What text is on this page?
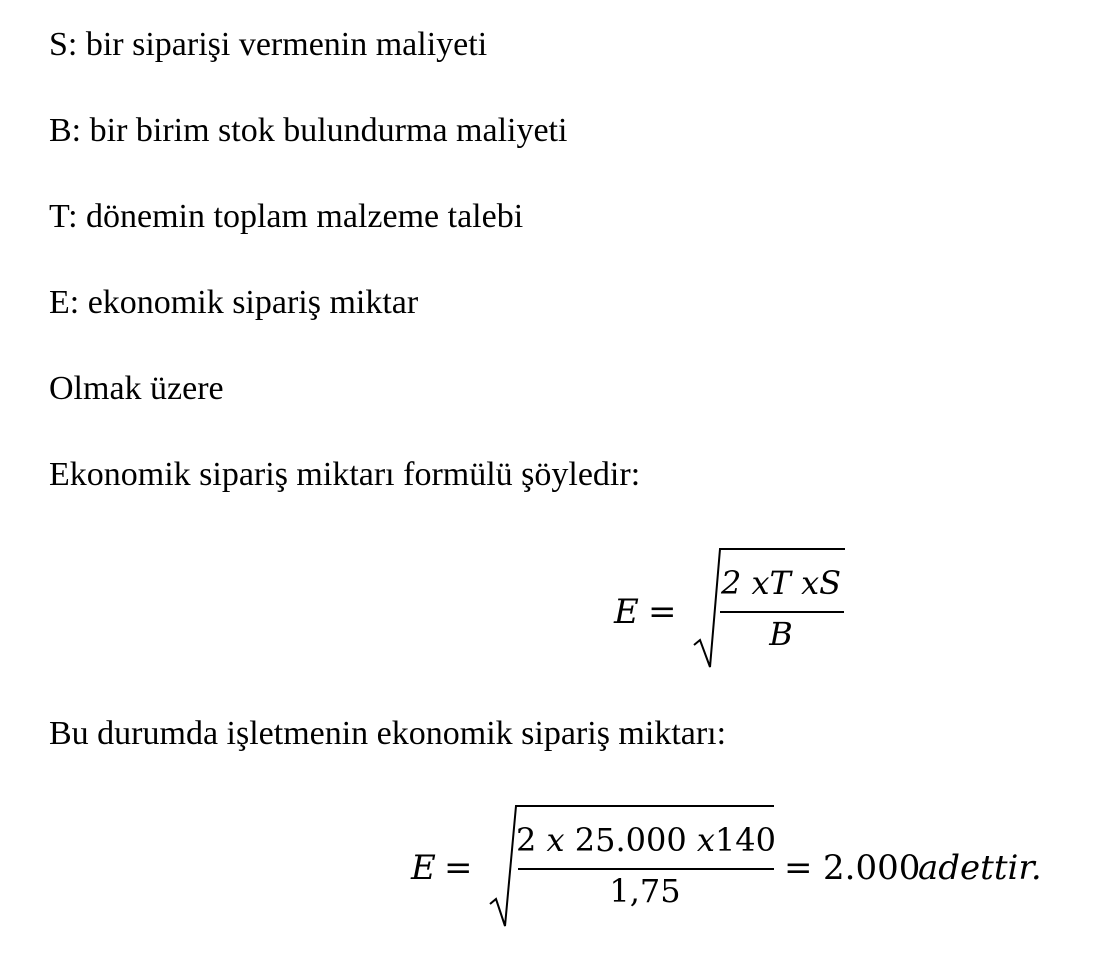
S: bir siparişi vermenin maliyeti

B: bir birim stok bulundurma maliyeti

T: dönemin toplam malzeme talebi

E: ekonomik sipariş miktar

Olmak üzere

Ekonomik sipariş miktarı formülü şöyledir:

E =
2 xT xS
B

Bu durumda işletmenin ekonomik sipariş miktarı:

E =
2 x 25.000 x140
1,75
= 2.000
adettir.
